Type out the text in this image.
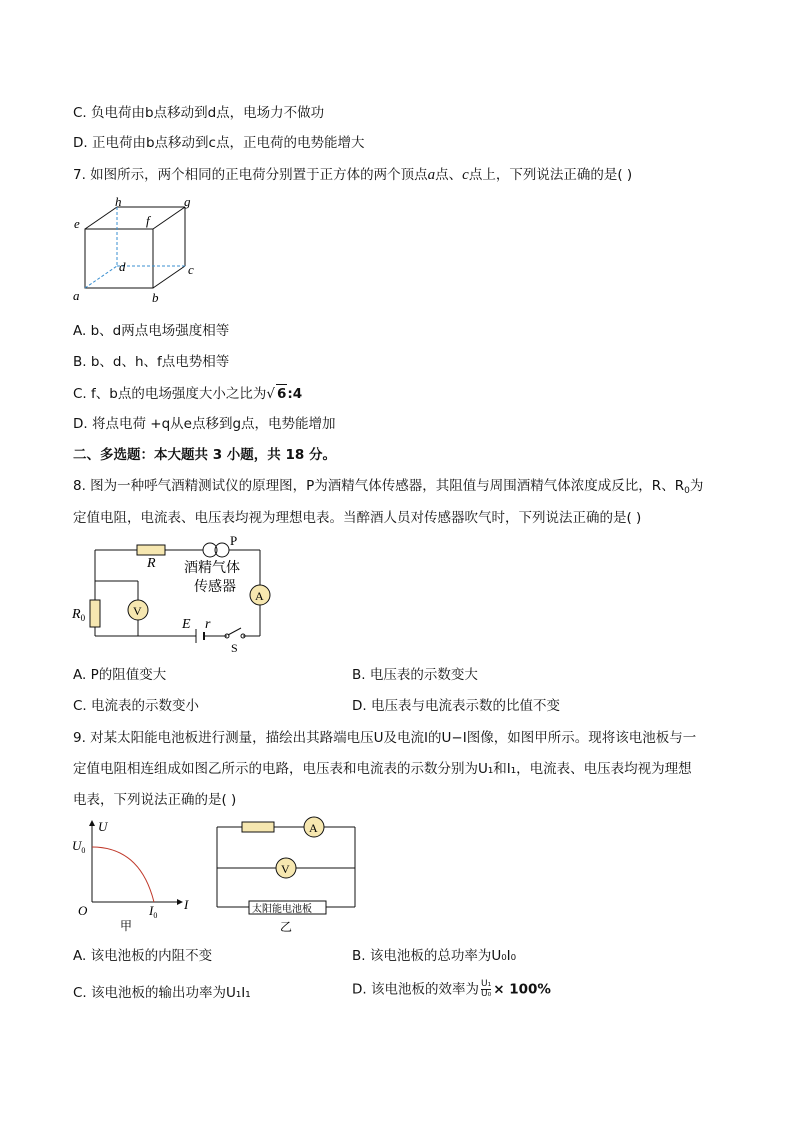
C. 负电荷由b点移动到d点，电场力不做功
D. 正电荷由b点移动到c点，正电荷的电势能增大
7. 如图所示，两个相同的正电荷分别置于正方体的两个顶点a点、c点上，下列说法正确的是( )
h	g
e	f
d	c
a	b
A. b、d两点电场强度相等
B. b、d、h、f点电势相等
C. f、b点的电场强度大小之比为√ 6:4
D. 将点电荷 +q从e点移到g点，电势能增加
二、多选题：本大题共 3 小题，共 18 分。
8. 图为一种呼气酒精测试仪的原理图，P为酒精气体传感器，其阻值与周围酒精气体浓度成反比，R、$R_0$为
定值电阻，电流表、电压表均视为理想电表。当醉酒人员对传感器吹气时，下列说法正确的是( )
R
P
酒精气体
传感器
A
$R_0$	V
E r
S
A. P的阻值变大	B. 电压表的示数变大
C. 电流表的示数变小	D. 电压表与电流表示数的比值不变
9. 对某太阳能电池板进行测量，描绘出其路端电压U及电流I的U−I图像，如图甲所示。现将该电池板与一
定值电阻相连组成如图乙所示的电路，电压表和电流表的示数分别为U₁和I₁，电流表、电压表均视为理想
电表，下列说法正确的是( )
U
$U_0$
O	$I_0$
I
甲
A
V
太阳能电池板
乙
A. 该电池板的内阻不变	B. 该电池板的总功率为U₀I₀
C. 该电池板的输出功率为U₁I₁	D. 该电池板的效率为 $\frac{\text{U₁}}{\text{U₀}} \times 100\%$
